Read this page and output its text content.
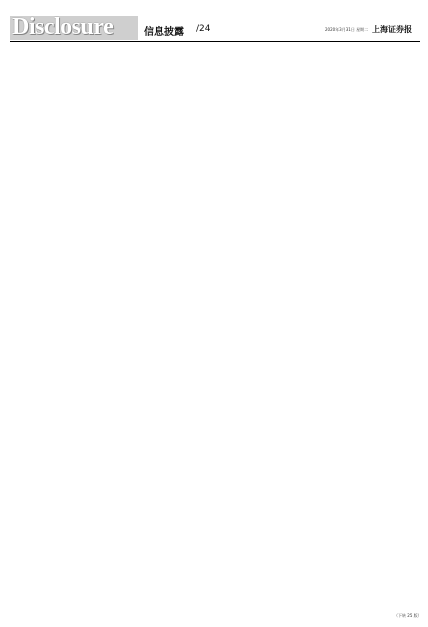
Disclosure	信息披露 /24	2020年3月31日 星期二 上海证券报
（下转 25 版）
